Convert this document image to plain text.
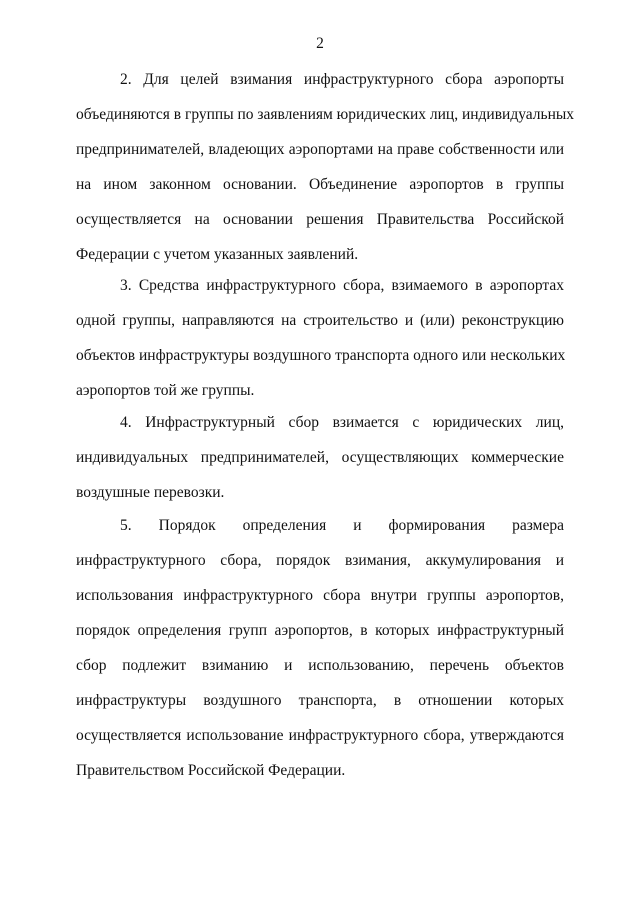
2
2. Для целей взимания инфраструктурного сбора аэропорты
объединяются в группы по заявлениям юридических лиц, индивидуальных
предпринимателей, владеющих аэропортами на праве собственности или
на ином законном основании. Объединение аэропортов в группы
осуществляется на основании решения Правительства Российской
Федерации с учетом указанных заявлений.
3. Средства инфраструктурного сбора, взимаемого в аэропортах
одной группы, направляются на строительство и (или) реконструкцию
объектов инфраструктуры воздушного транспорта одного или нескольких
аэропортов той же группы.
4. Инфраструктурный сбор взимается с юридических лиц,
индивидуальных предпринимателей, осуществляющих коммерческие
воздушные перевозки.
5. Порядок определения и формирования размера
инфраструктурного сбора, порядок взимания, аккумулирования и
использования инфраструктурного сбора внутри группы аэропортов,
порядок определения групп аэропортов, в которых инфраструктурный
сбор подлежит взиманию и использованию, перечень объектов
инфраструктуры воздушного транспорта, в отношении которых
осуществляется использование инфраструктурного сбора, утверждаются
Правительством Российской Федерации.
